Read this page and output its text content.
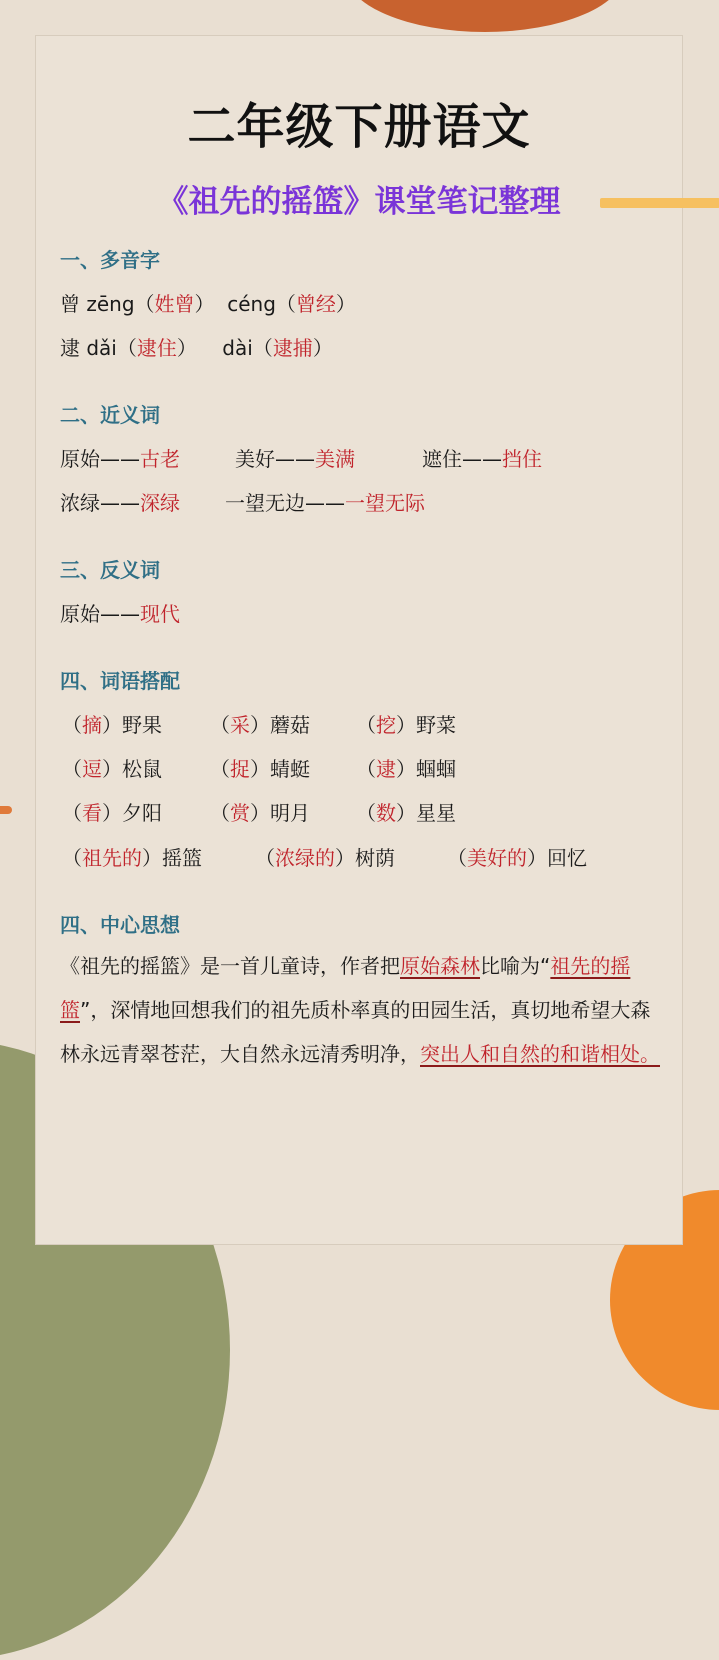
二年级下册语文
《祖先的摇篮》课堂笔记整理
一、多音字
曾 zēng（姓曾）  céng（曾经）
逮 dǎi（逮住）    dài（逮捕）
二、近义词
原始——古老	美好——美满	遮住——挡住
浓绿——深绿 一望无边——一望无际
三、反义词
原始——现代
四、词语搭配
（摘）野果 （采）蘑菇 （挖）野菜
（逗）松鼠 （捉）蜻蜓 （逮）蝈蝈
（看）夕阳 （赏）明月 （数）星星
（祖先的）摇篮	（浓绿的）树荫	（美好的）回忆
四、中心思想
《祖先的摇篮》是一首儿童诗，作者把原始森林比喻为“祖先的摇篮”，深情地回想我们的祖先质朴率真的田园生活，真切地希望大森林永远青翠苍茫，大自然永远清秀明净，突出人和自然的和谐相处。
